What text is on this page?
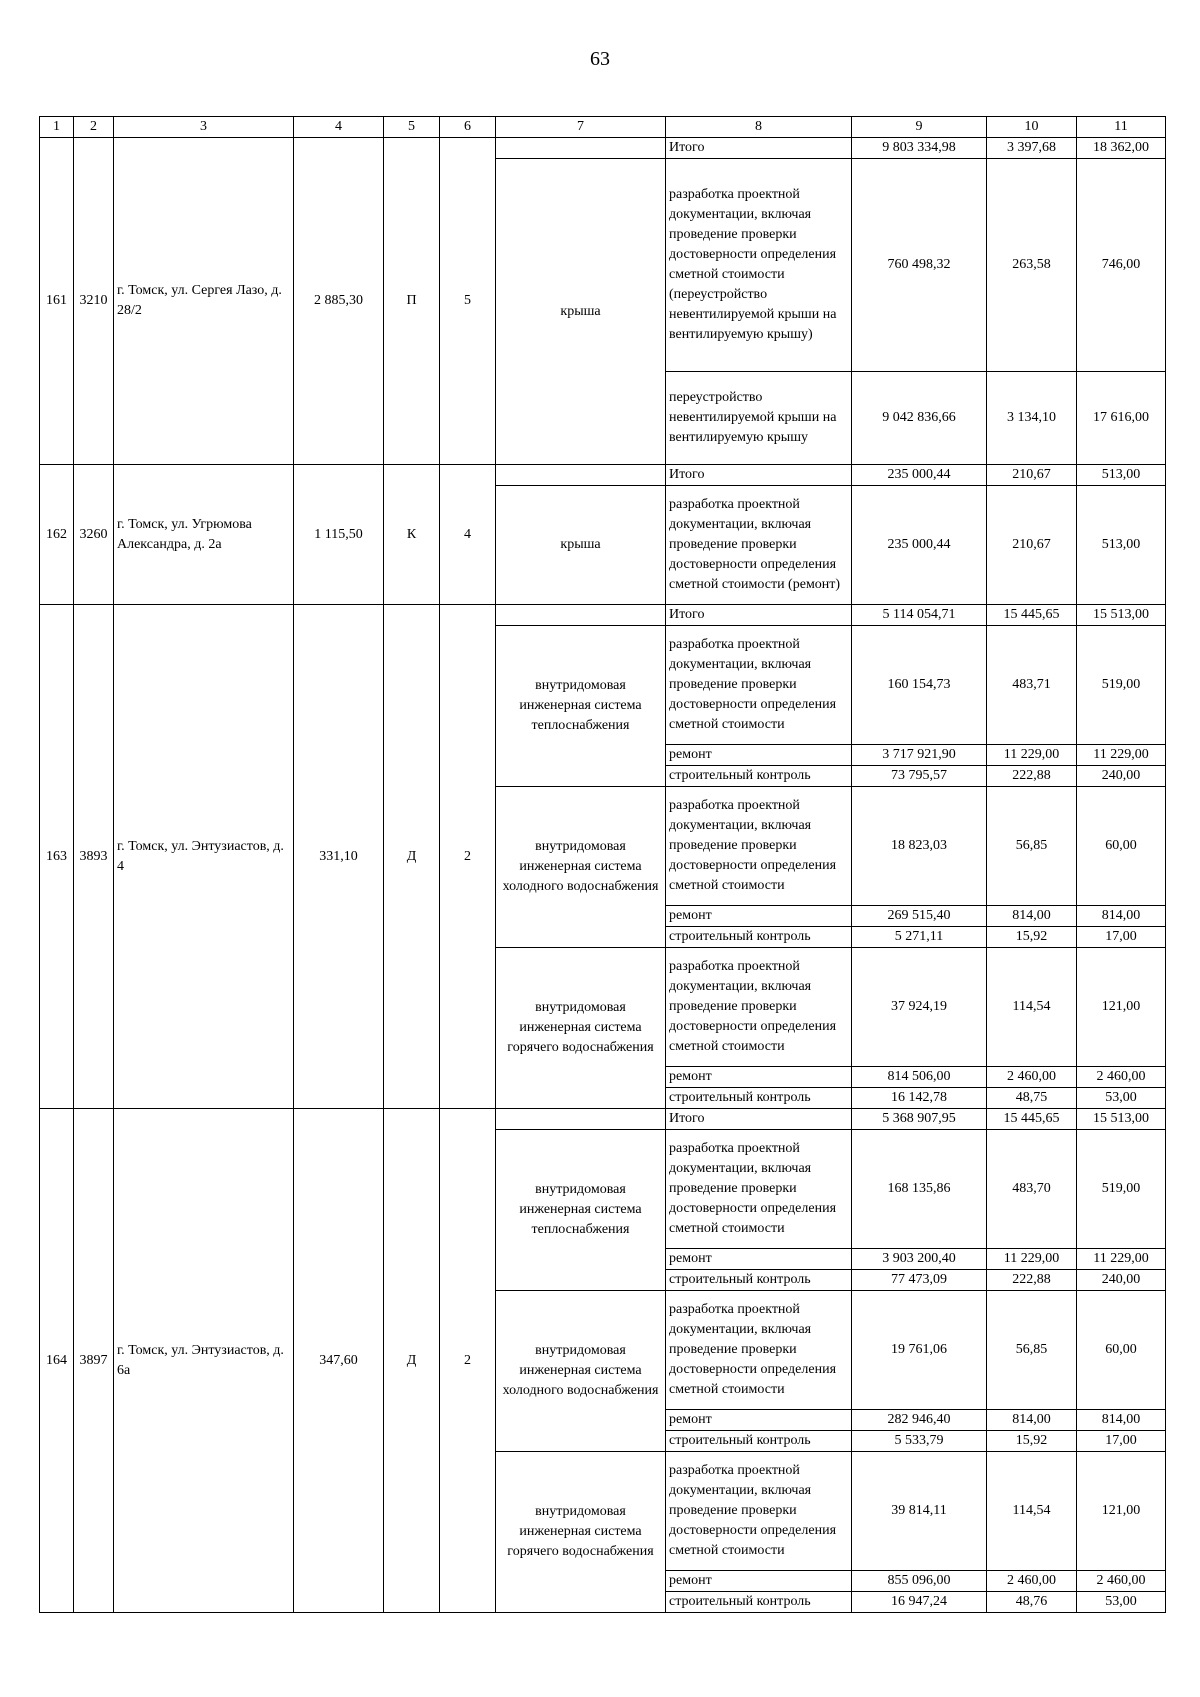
63
1	2	3	4	5	6	7	8	9	10	11
161	3210	г. Томск, ул. Сергея Лазо, д. 28/2	2 885,30	П	5		Итого	9 803 334,98	3 397,68	18 362,00
						крыша	разработка проектной документации, включая проведение проверки достоверности определения сметной стоимости (переустройство невентилируемой крыши на вентилируемую крышу)	760 498,32	263,58	746,00
							переустройство невентилируемой крыши на вентилируемую крышу	9 042 836,66	3 134,10	17 616,00
162	3260	г. Томск, ул. Угрюмова Александра, д. 2а	1 115,50	К	4		Итого	235 000,44	210,67	513,00
						крыша	разработка проектной документации, включая проведение проверки достоверности определения сметной стоимости (ремонт)	235 000,44	210,67	513,00
163	3893	г. Томск, ул. Энтузиастов, д. 4	331,10	Д	2		Итого	5 114 054,71	15 445,65	15 513,00
						внутридомовая инженерная система теплоснабжения	разработка проектной документации, включая проведение проверки достоверности определения сметной стоимости	160 154,73	483,71	519,00
							ремонт	3 717 921,90	11 229,00	11 229,00
							строительный контроль	73 795,57	222,88	240,00
						внутридомовая инженерная система холодного водоснабжения	разработка проектной документации, включая проведение проверки достоверности определения сметной стоимости	18 823,03	56,85	60,00
							ремонт	269 515,40	814,00	814,00
							строительный контроль	5 271,11	15,92	17,00
						внутридомовая инженерная система горячего водоснабжения	разработка проектной документации, включая проведение проверки достоверности определения сметной стоимости	37 924,19	114,54	121,00
							ремонт	814 506,00	2 460,00	2 460,00
							строительный контроль	16 142,78	48,75	53,00
164	3897	г. Томск, ул. Энтузиастов, д. 6а	347,60	Д	2		Итого	5 368 907,95	15 445,65	15 513,00
						внутридомовая инженерная система теплоснабжения	разработка проектной документации, включая проведение проверки достоверности определения сметной стоимости	168 135,86	483,70	519,00
							ремонт	3 903 200,40	11 229,00	11 229,00
							строительный контроль	77 473,09	222,88	240,00
						внутридомовая инженерная система холодного водоснабжения	разработка проектной документации, включая проведение проверки достоверности определения сметной стоимости	19 761,06	56,85	60,00
							ремонт	282 946,40	814,00	814,00
							строительный контроль	5 533,79	15,92	17,00
						внутридомовая инженерная система горячего водоснабжения	разработка проектной документации, включая проведение проверки достоверности определения сметной стоимости	39 814,11	114,54	121,00
							ремонт	855 096,00	2 460,00	2 460,00
							строительный контроль	16 947,24	48,76	53,00
